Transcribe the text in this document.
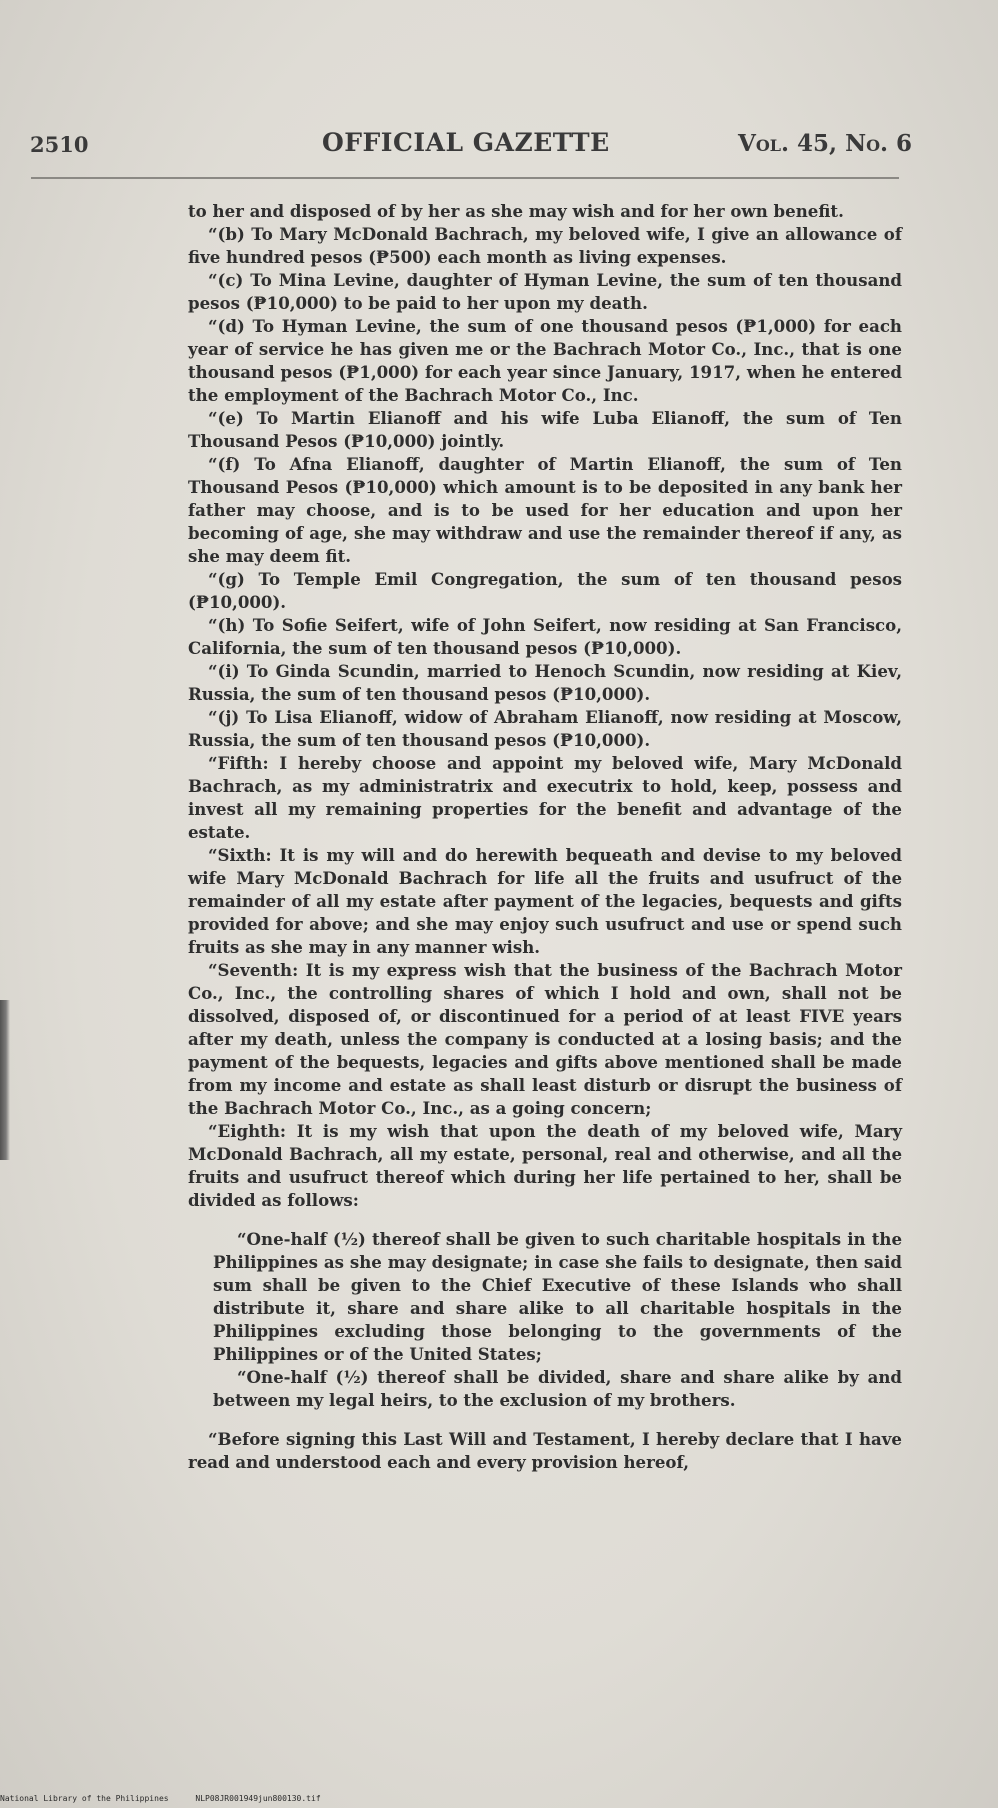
2510	OFFICIAL GAZETTE	Vol. 45, No. 6

to her and disposed of by her as she may wish and for her own benefit.

“(b) To Mary McDonald Bachrach, my beloved wife, I give an allowance of five hundred pesos (₱500) each month as living expenses.

“(c) To Mina Levine, daughter of Hyman Levine, the sum of ten thousand pesos (₱10,000) to be paid to her upon my death.

“(d) To Hyman Levine, the sum of one thousand pesos (₱1,000) for each year of service he has given me or the Bachrach Motor Co., Inc., that is one thousand pesos (₱1,000) for each year since January, 1917, when he entered the employment of the Bachrach Motor Co., Inc.

“(e) To Martin Elianoff and his wife Luba Elianoff, the sum of Ten Thousand Pesos (₱10,000) jointly.

“(f) To Afna Elianoff, daughter of Martin Elianoff, the sum of Ten Thousand Pesos (₱10,000) which amount is to be deposited in any bank her father may choose, and is to be used for her education and upon her becoming of age, she may withdraw and use the remainder thereof if any, as she may deem fit.

“(g) To Temple Emil Congregation, the sum of ten thousand pesos (₱10,000).

“(h) To Sofie Seifert, wife of John Seifert, now residing at San Francisco, California, the sum of ten thousand pesos (₱10,000).

“(i) To Ginda Scundin, married to Henoch Scundin, now residing at Kiev, Russia, the sum of ten thousand pesos (₱10,000).

“(j) To Lisa Elianoff, widow of Abraham Elianoff, now residing at Moscow, Russia, the sum of ten thousand pesos (₱10,000).

“Fifth: I hereby choose and appoint my beloved wife, Mary McDonald Bachrach, as my administratrix and executrix to hold, keep, possess and invest all my remaining properties for the benefit and advantage of the estate.

“Sixth: It is my will and do herewith bequeath and devise to my beloved wife Mary McDonald Bachrach for life all the fruits and usufruct of the remainder of all my estate after payment of the legacies, bequests and gifts provided for above; and she may enjoy such usufruct and use or spend such fruits as she may in any manner wish.

“Seventh: It is my express wish that the business of the Bachrach Motor Co., Inc., the controlling shares of which I hold and own, shall not be dissolved, disposed of, or discontinued for a period of at least FIVE years after my death, unless the company is conducted at a losing basis; and the payment of the bequests, legacies and gifts above mentioned shall be made from my income and estate as shall least disturb or disrupt the business of the Bachrach Motor Co., Inc., as a going concern;

“Eighth: It is my wish that upon the death of my beloved wife, Mary McDonald Bachrach, all my estate, personal, real and otherwise, and all the fruits and usufruct thereof which during her life pertained to her, shall be divided as follows:

“One-half (½) thereof shall be given to such charitable hospitals in the Philippines as she may designate; in case she fails to designate, then said sum shall be given to the Chief Executive of these Islands who shall distribute it, share and share alike to all charitable hospitals in the Philippines excluding those belonging to the governments of the Philippines or of the United States;

“One-half (½) thereof shall be divided, share and share alike by and between my legal heirs, to the exclusion of my brothers.

“Before signing this Last Will and Testament, I hereby declare that I have read and understood each and every provision hereof,

National Library of the Philippines	NLP08JR001949jun800130.tif
